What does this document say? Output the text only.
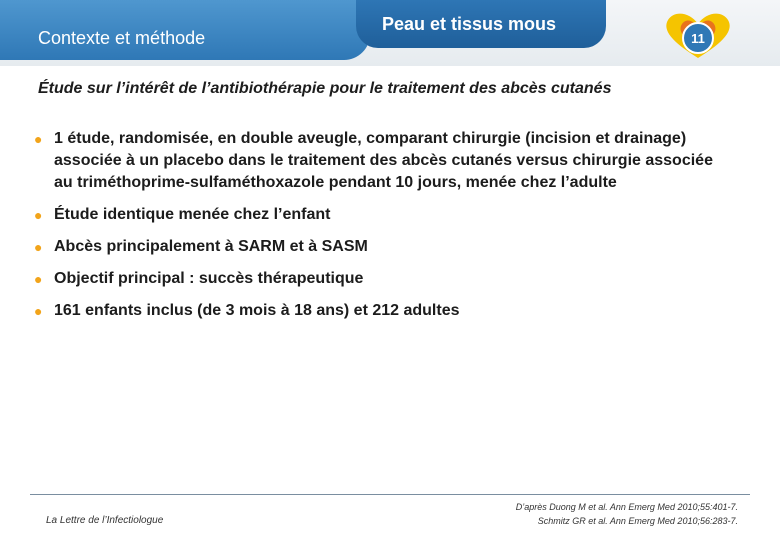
Contexte et méthode
Peau et tissus mous
11
Étude sur l’intérêt de l’antibiothérapie pour le traitement des abcès cutanés
● 1 étude, randomisée, en double aveugle, comparant chirurgie (incision et drainage) associée à un placebo dans le traitement des abcès cutanés versus chirurgie associée au triméthoprime-sulfaméthoxazole pendant 10 jours, menée chez l’adulte
● Étude identique menée chez l’enfant
● Abcès principalement à SARM et à SASM
● Objectif principal : succès thérapeutique
● 161 enfants inclus (de 3 mois à 18 ans) et 212 adultes
La Lettre de l’Infectiologue
D’après Duong M et al. Ann Emerg Med 2010;55:401-7.
Schmitz GR et al. Ann Emerg Med 2010;56:283-7.
